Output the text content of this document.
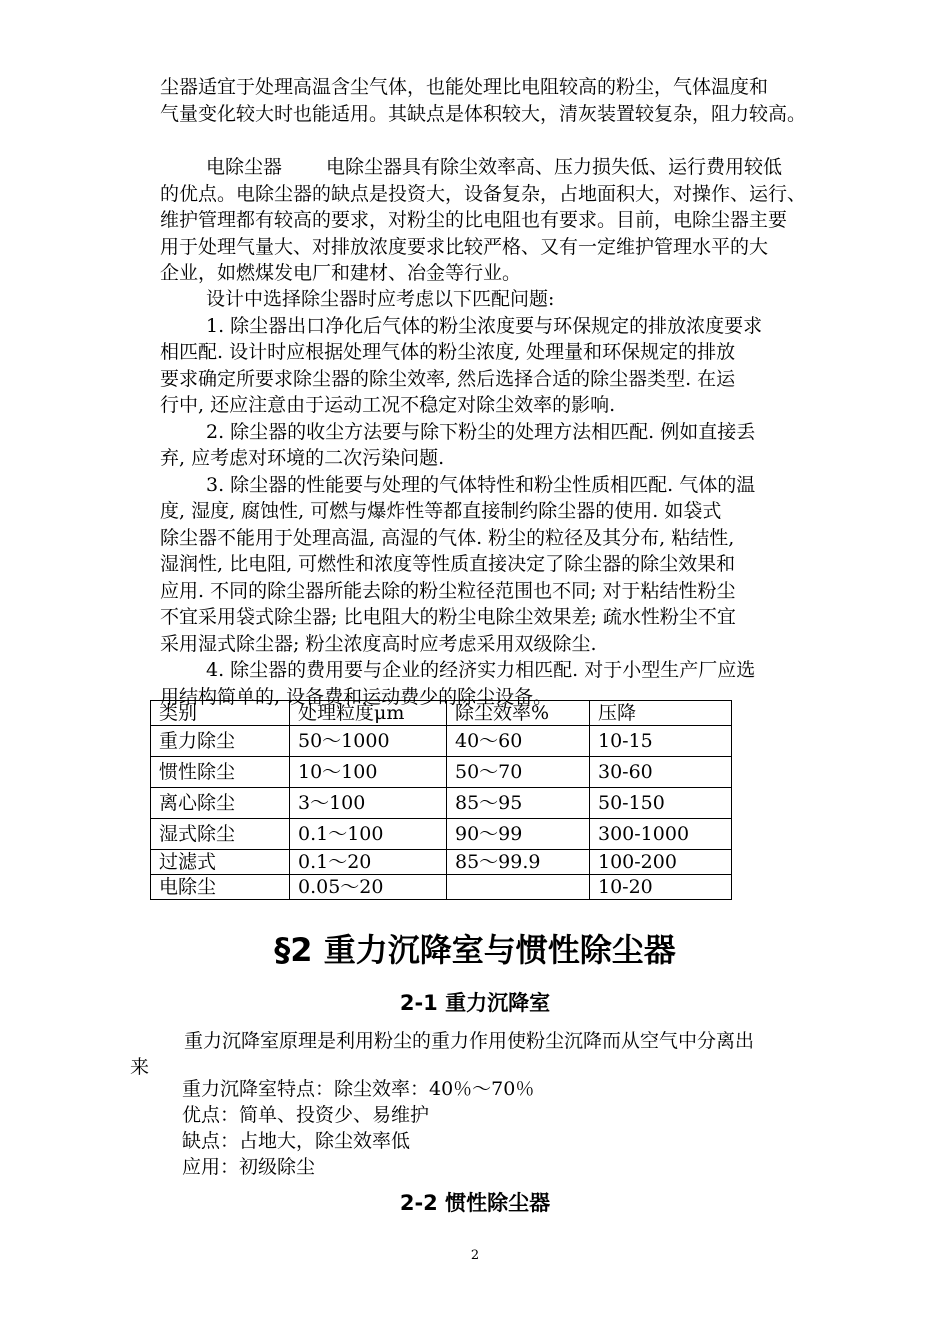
尘器适宜于处理高温含尘气体，也能处理比电阻较高的粉尘，气体温度和

气量变化较大时也能适用。其缺点是体积较大，清灰装置较复杂，阻力较高。

电除尘器 电除尘器具有除尘效率高、压力损失低、运行费用较低

的优点。电除尘器的缺点是投资大，设备复杂，占地面积大，对操作、运行、

维护管理都有较高的要求，对粉尘的比电阻也有要求。目前，电除尘器主要

用于处理气量大、对排放浓度要求比较严格、又有一定维护管理水平的大

企业，如燃煤发电厂和建材、冶金等行业。

设计中选择除尘器时应考虑以下匹配问题:

1. 除尘器出口净化后气体的粉尘浓度要与环保规定的排放浓度要求

相匹配. 设计时应根据处理气体的粉尘浓度, 处理量和环保规定的排放

要求确定所要求除尘器的除尘效率, 然后选择合适的除尘器类型. 在运

行中, 还应注意由于运动工况不稳定对除尘效率的影响.

2. 除尘器的收尘方法要与除下粉尘的处理方法相匹配. 例如直接丢

弃, 应考虑对环境的二次污染问题.

3. 除尘器的性能要与处理的气体特性和粉尘性质相匹配. 气体的温

度, 湿度, 腐蚀性, 可燃与爆炸性等都直接制约除尘器的使用. 如袋式

除尘器不能用于处理高温, 高湿的气体. 粉尘的粒径及其分布, 粘结性,

湿润性, 比电阻, 可燃性和浓度等性质直接决定了除尘器的除尘效果和

应用. 不同的除尘器所能去除的粉尘粒径范围也不同; 对于粘结性粉尘

不宜采用袋式除尘器; 比电阻大的粉尘电除尘效果差; 疏水性粉尘不宜

采用湿式除尘器; 粉尘浓度高时应考虑采用双级除尘.

4. 除尘器的费用要与企业的经济实力相匹配. 对于小型生产厂应选

用结构简单的, 设备费和运动费少的除尘设备。

类别	处理粒度μm	除尘效率%	压降
重力除尘	50～1000	40～60	10-15
惯性除尘	10～100	50～70	30-60
离心除尘	3～100	85～95	50-150
湿式除尘	0.1～100	90～99	300-1000
过滤式	0.1～20	85～99.9	100-200
电除尘	0.05～20		10-20
§2 重力沉降室与惯性除尘器
2-1 重力沉降室

重力沉降室原理是利用粉尘的重力作用使粉尘沉降而从空气中分离出

来

重力沉降室特点：除尘效率：40％～70％

优点：简单、投资少、易维护

缺点：占地大，除尘效率低

应用：初级除尘

2-2 惯性除尘器
2
